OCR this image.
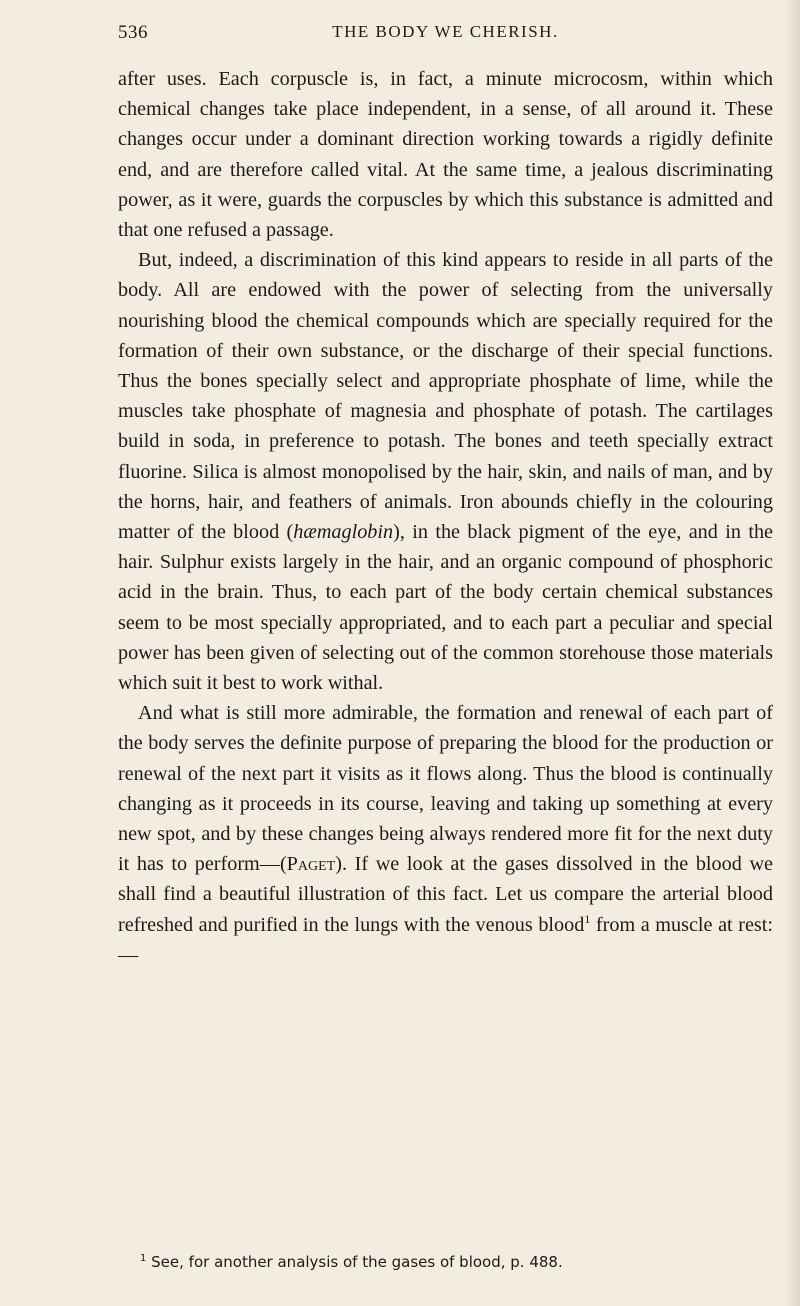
536	THE BODY WE CHERISH.

after uses. Each corpuscle is, in fact, a minute microcosm, within which chemical changes take place independent, in a sense, of all around it. These changes occur under a dominant direction working towards a rigidly definite end, and are therefore called vital. At the same time, a jealous discriminating power, as it were, guards the corpuscles by which this substance is admitted and that one refused a passage.

But, indeed, a discrimination of this kind appears to reside in all parts of the body. All are endowed with the power of selecting from the universally nourishing blood the chemical compounds which are specially required for the formation of their own substance, or the discharge of their special functions. Thus the bones specially select and appropriate phosphate of lime, while the muscles take phosphate of magnesia and phosphate of potash. The cartilages build in soda, in preference to potash. The bones and teeth specially extract fluorine. Silica is almost monopolised by the hair, skin, and nails of man, and by the horns, hair, and feathers of animals. Iron abounds chiefly in the colouring matter of the blood (hæmaglobin), in the black pigment of the eye, and in the hair. Sulphur exists largely in the hair, and an organic compound of phosphoric acid in the brain. Thus, to each part of the body certain chemical substances seem to be most specially appropriated, and to each part a peculiar and special power has been given of selecting out of the common storehouse those materials which suit it best to work withal.

And what is still more admirable, the formation and renewal of each part of the body serves the definite purpose of preparing the blood for the production or renewal of the next part it visits as it flows along. Thus the blood is continually changing as it proceeds in its course, leaving and taking up something at every new spot, and by these changes being always rendered more fit for the next duty it has to perform—(Paget). If we look at the gases dissolved in the blood we shall find a beautiful illustration of this fact. Let us compare the arterial blood refreshed and purified in the lungs with the venous blood$^1$ from a muscle at rest:—

$^1$ See, for another analysis of the gases of blood, p. 488.
